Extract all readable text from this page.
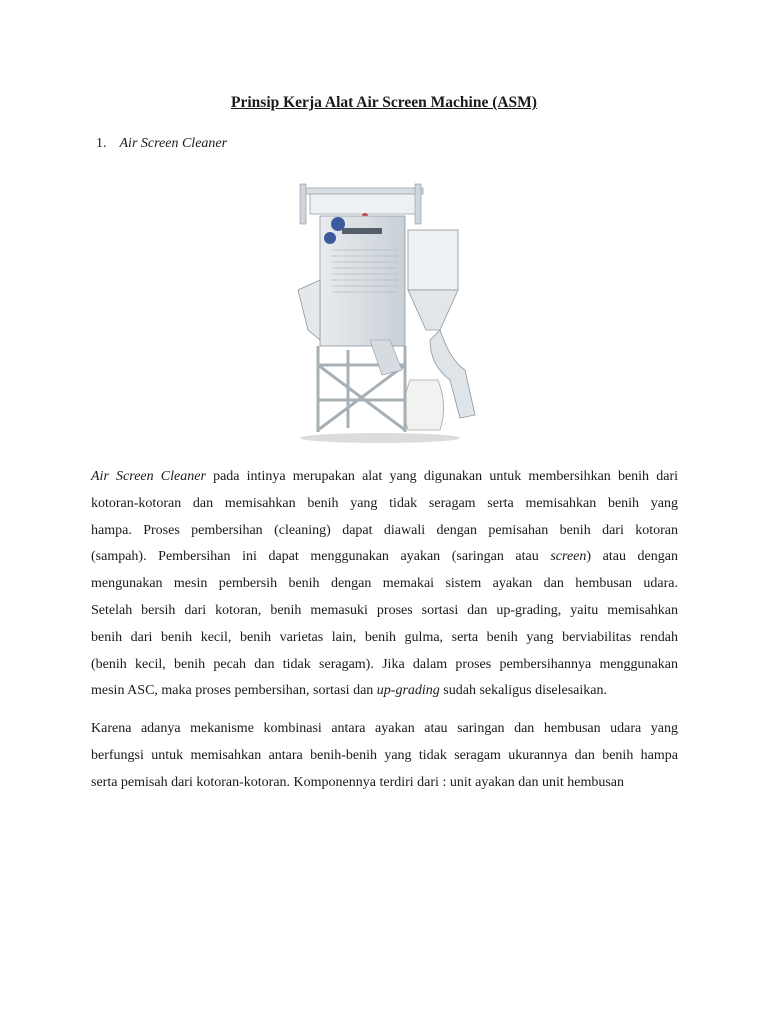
Prinsip Kerja Alat Air Screen Machine (ASM)
1. Air Screen Cleaner

Air Screen Cleaner pada intinya merupakan alat yang digunakan untuk membersihkan benih dari
kotoran-kotoran dan memisahkan benih yang tidak seragam serta memisahkan benih yang
hampa. Proses pembersihan (cleaning) dapat diawali dengan pemisahan benih dari kotoran
(sampah). Pembersihan ini dapat menggunakan ayakan (saringan atau screen) atau dengan
mengunakan mesin pembersih benih dengan memakai sistem ayakan dan hembusan udara.
Setelah bersih dari kotoran, benih memasuki proses sortasi dan up-grading, yaitu memisahkan
benih dari benih kecil, benih varietas lain, benih gulma, serta benih yang berviabilitas rendah
(benih kecil, benih pecah dan tidak seragam). Jika dalam proses pembersihannya menggunakan
mesin ASC, maka proses pembersihan, sortasi dan up-grading sudah sekaligus diselesaikan.

Karena adanya mekanisme kombinasi antara ayakan atau saringan dan hembusan udara yang
berfungsi untuk memisahkan antara benih-benih yang tidak seragam ukurannya dan benih hampa
serta pemisah dari kotoran-kotoran. Komponennya terdiri dari : unit ayakan dan unit hembusan
